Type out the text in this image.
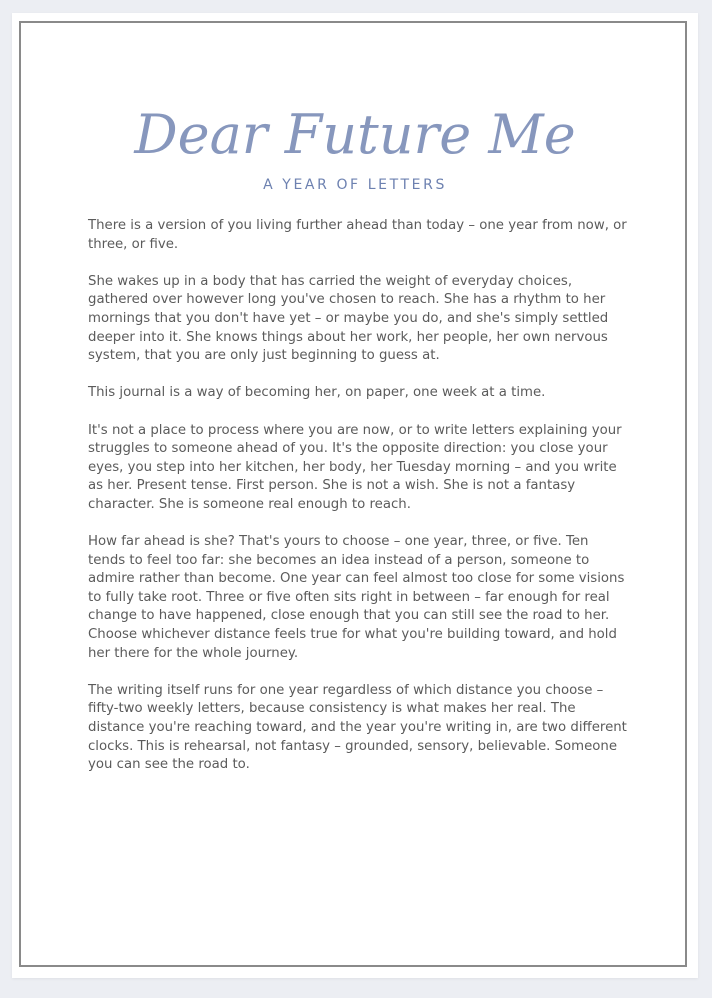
Dear Future Me
A YEAR OF LETTERS

There is a version of you living further ahead than today – one year from now, or three, or five.

She wakes up in a body that has carried the weight of everyday choices, gathered over however long you've chosen to reach. She has a rhythm to her mornings that you don't have yet – or maybe you do, and she's simply settled deeper into it. She knows things about her work, her people, her own nervous system, that you are only just beginning to guess at.

This journal is a way of becoming her, on paper, one week at a time.

It's not a place to process where you are now, or to write letters explaining your struggles to someone ahead of you. It's the opposite direction: you close your eyes, you step into her kitchen, her body, her Tuesday morning – and you write as her. Present tense. First person. She is not a wish. She is not a fantasy character. She is someone real enough to reach.

How far ahead is she? That's yours to choose – one year, three, or five. Ten tends to feel too far: she becomes an idea instead of a person, someone to admire rather than become. One year can feel almost too close for some visions to fully take root. Three or five often sits right in between – far enough for real change to have happened, close enough that you can still see the road to her. Choose whichever distance feels true for what you're building toward, and hold her there for the whole journey.

The writing itself runs for one year regardless of which distance you choose – fifty-two weekly letters, because consistency is what makes her real. The distance you're reaching toward, and the year you're writing in, are two different clocks. This is rehearsal, not fantasy – grounded, sensory, believable. Someone you can see the road to.
